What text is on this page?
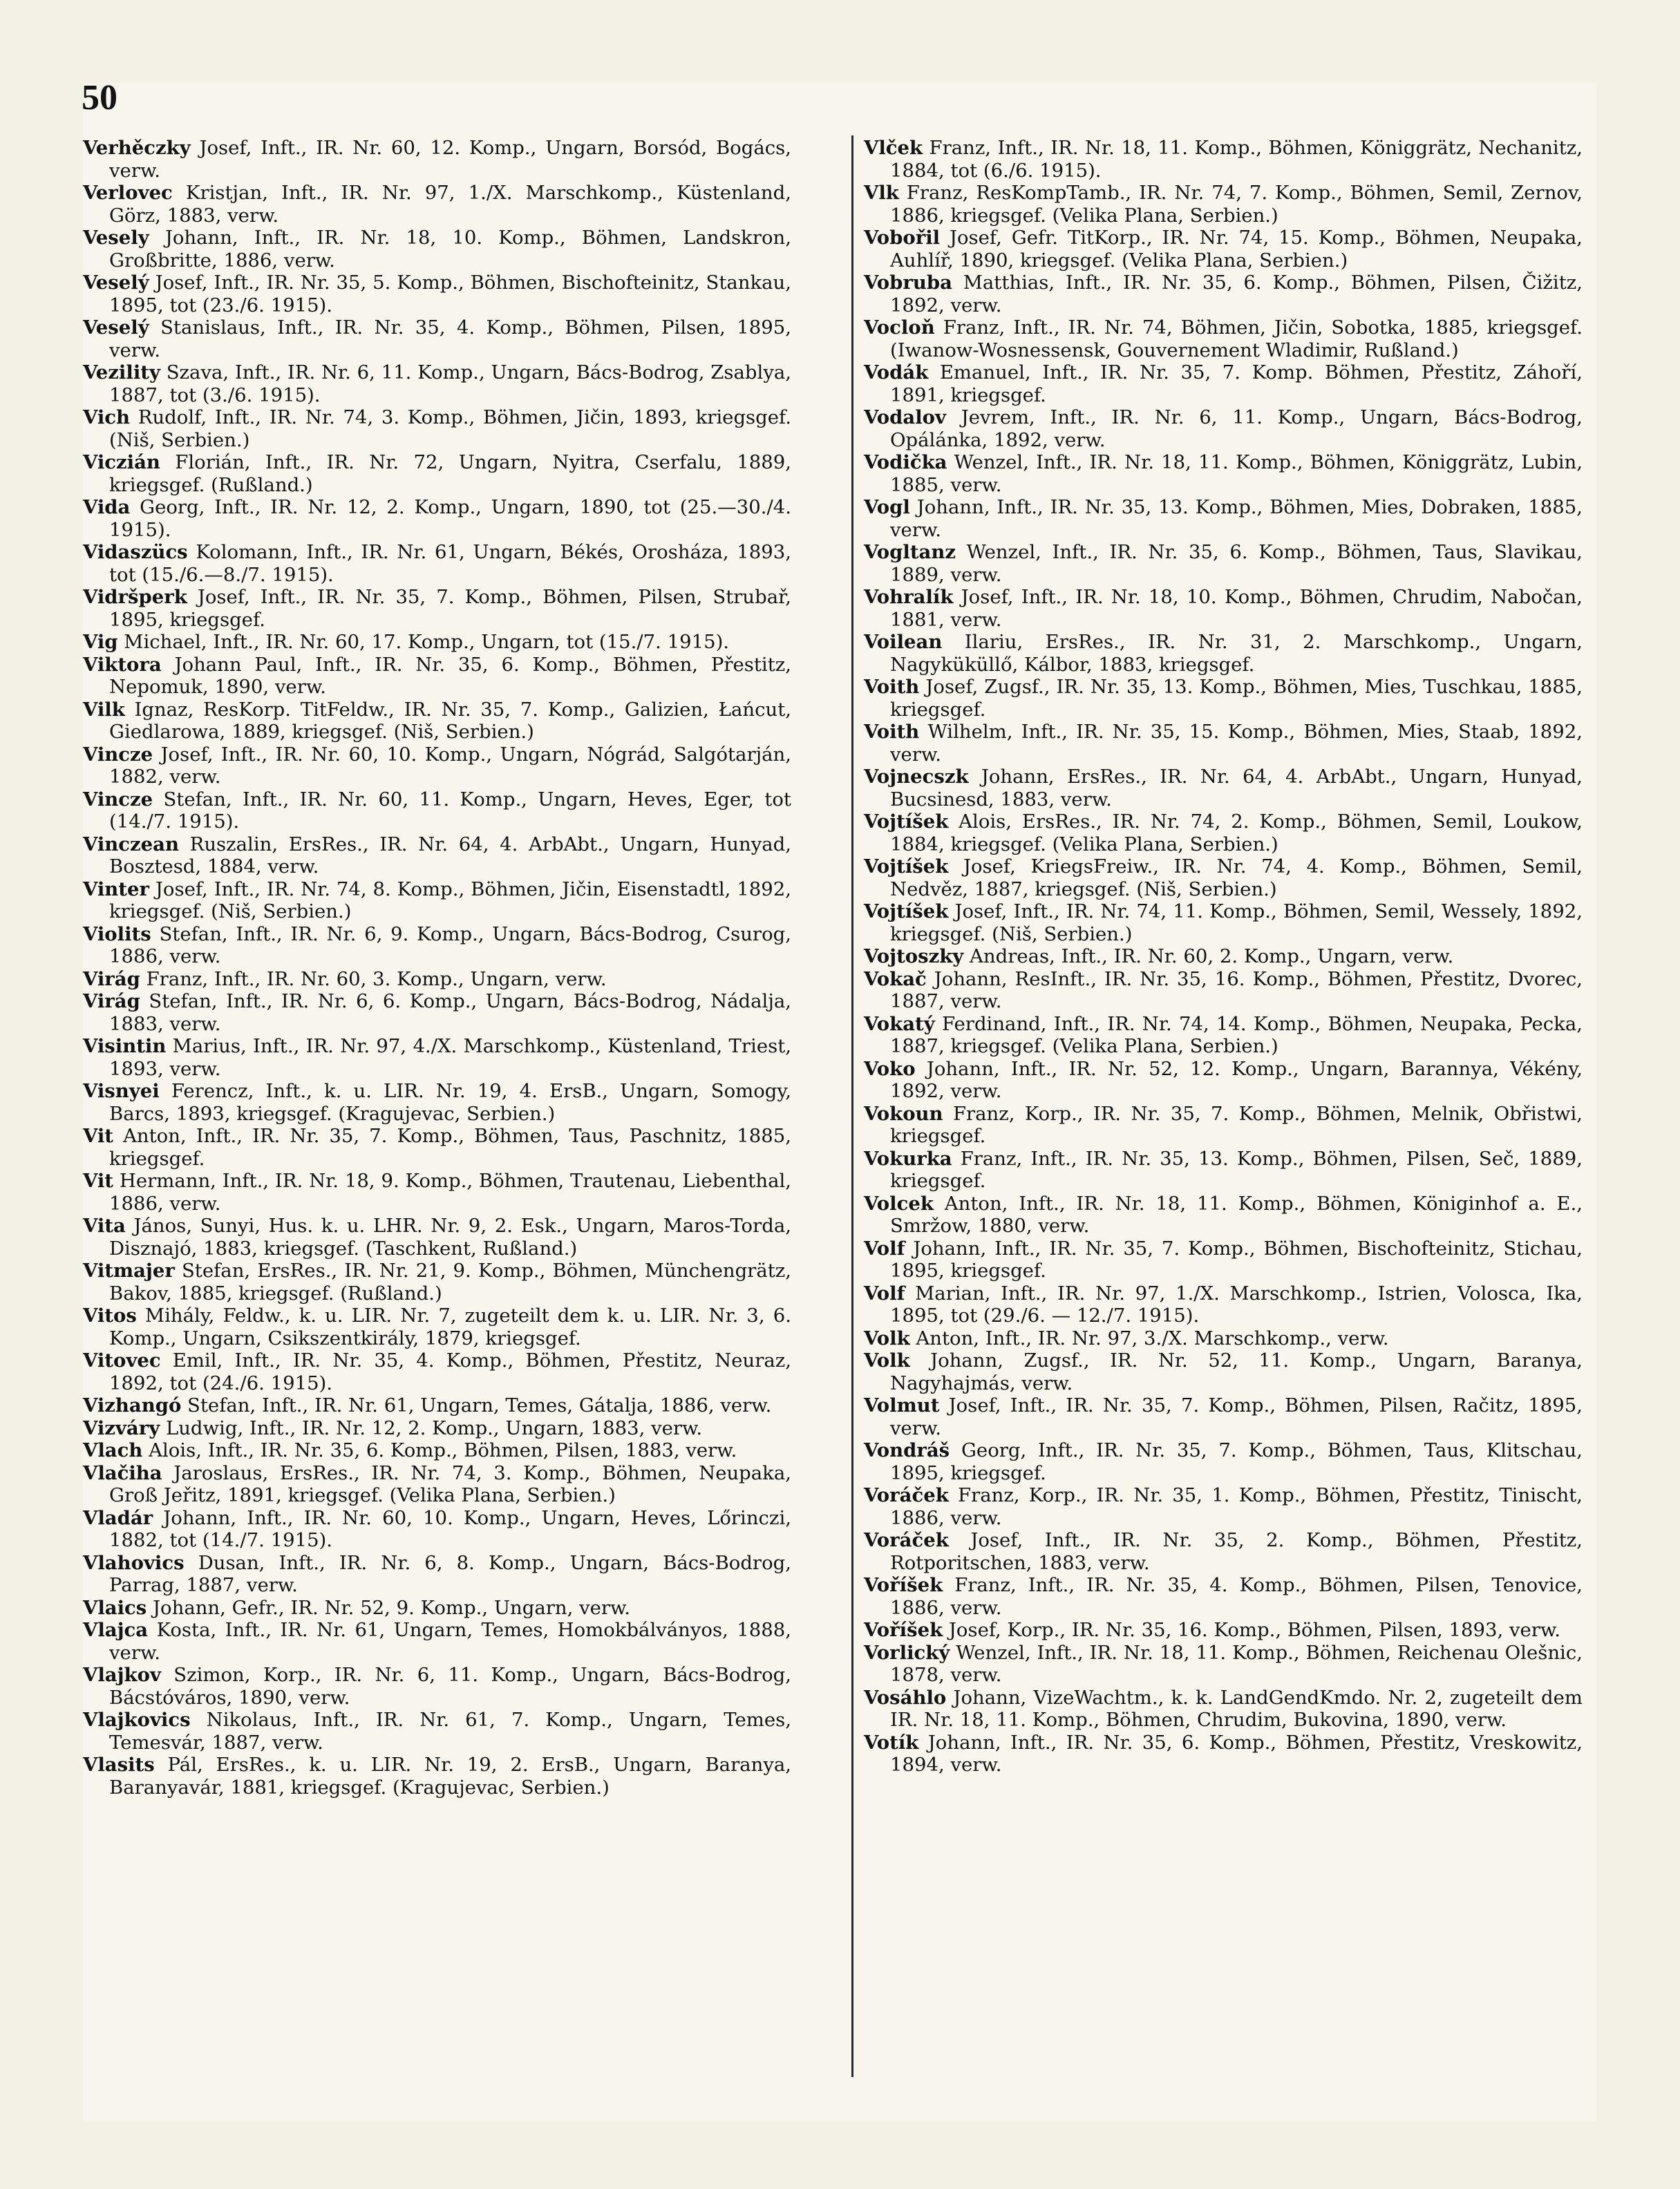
50
Verhěczky Josef, Inft., IR. Nr. 60, 12. Komp., Ungarn, Borsód, Bogács, verw.
Verlovec Kristjan, Inft., IR. Nr. 97, 1./X. Marschkomp., Küstenland, Görz, 1883, verw.
Vesely Johann, Inft., IR. Nr. 18, 10. Komp., Böhmen, Landskron, Großbritte, 1886, verw.
Veselý Josef, Inft., IR. Nr. 35, 5. Komp., Böhmen, Bischofteinitz, Stankau, 1895, tot (23./6. 1915).
Veselý Stanislaus, Inft., IR. Nr. 35, 4. Komp., Böhmen, Pilsen, 1895, verw.
Vezility Szava, Inft., IR. Nr. 6, 11. Komp., Ungarn, Bács-Bodrog, Zsablya, 1887, tot (3./6. 1915).
Vich Rudolf, Inft., IR. Nr. 74, 3. Komp., Böhmen, Jičin, 1893, kriegsgef. (Niš, Serbien.)
Viczián Florián, Inft., IR. Nr. 72, Ungarn, Nyitra, Cserfalu, 1889, kriegsgef. (Rußland.)
Vida Georg, Inft., IR. Nr. 12, 2. Komp., Ungarn, 1890, tot (25.—30./4. 1915).
Vidaszücs Kolomann, Inft., IR. Nr. 61, Ungarn, Békés, Orosháza, 1893, tot (15./6.—8./7. 1915).
Vidršperk Josef, Inft., IR. Nr. 35, 7. Komp., Böhmen, Pilsen, Strubař, 1895, kriegsgef.
Vig Michael, Inft., IR. Nr. 60, 17. Komp., Ungarn, tot (15./7. 1915).
Viktora Johann Paul, Inft., IR. Nr. 35, 6. Komp., Böhmen, Přestitz, Nepomuk, 1890, verw.
Vilk Ignaz, ResKorp. TitFeldw., IR. Nr. 35, 7. Komp., Galizien, Łańcut, Giedlarowa, 1889, kriegsgef. (Niš, Serbien.)
Vincze Josef, Inft., IR. Nr. 60, 10. Komp., Ungarn, Nógrád, Salgótarján, 1882, verw.
Vincze Stefan, Inft., IR. Nr. 60, 11. Komp., Ungarn, Heves, Eger, tot (14./7. 1915).
Vinczean Ruszalin, ErsRes., IR. Nr. 64, 4. ArbAbt., Ungarn, Hunyad, Bosztesd, 1884, verw.
Vinter Josef, Inft., IR. Nr. 74, 8. Komp., Böhmen, Jičin, Eisenstadtl, 1892, kriegsgef. (Niš, Serbien.)
Violits Stefan, Inft., IR. Nr. 6, 9. Komp., Ungarn, Bács-Bodrog, Csurog, 1886, verw.
Virág Franz, Inft., IR. Nr. 60, 3. Komp., Ungarn, verw.
Virág Stefan, Inft., IR. Nr. 6, 6. Komp., Ungarn, Bács-Bodrog, Nádalja, 1883, verw.
Visintin Marius, Inft., IR. Nr. 97, 4./X. Marschkomp., Küstenland, Triest, 1893, verw.
Visnyei Ferencz, Inft., k. u. LIR. Nr. 19, 4. ErsB., Ungarn, Somogy, Barcs, 1893, kriegsgef. (Kragujevac, Serbien.)
Vit Anton, Inft., IR. Nr. 35, 7. Komp., Böhmen, Taus, Paschnitz, 1885, kriegsgef.
Vit Hermann, Inft., IR. Nr. 18, 9. Komp., Böhmen, Trautenau, Liebenthal, 1886, verw.
Vita János, Sunyi, Hus. k. u. LHR. Nr. 9, 2. Esk., Ungarn, Maros-Torda, Disznajó, 1883, kriegsgef. (Taschkent, Rußland.)
Vitmajer Stefan, ErsRes., IR. Nr. 21, 9. Komp., Böhmen, Münchengrätz, Bakov, 1885, kriegsgef. (Rußland.)
Vitos Mihály, Feldw., k. u. LIR. Nr. 7, zugeteilt dem k. u. LIR. Nr. 3, 6. Komp., Ungarn, Csikszentkirály, 1879, kriegsgef.
Vitovec Emil, Inft., IR. Nr. 35, 4. Komp., Böhmen, Přestitz, Neuraz, 1892, tot (24./6. 1915).
Vizhangó Stefan, Inft., IR. Nr. 61, Ungarn, Temes, Gátalja, 1886, verw.
Vizváry Ludwig, Inft., IR. Nr. 12, 2. Komp., Ungarn, 1883, verw.
Vlach Alois, Inft., IR. Nr. 35, 6. Komp., Böhmen, Pilsen, 1883, verw.
Vlačiha Jaroslaus, ErsRes., IR. Nr. 74, 3. Komp., Böhmen, Neupaka, Groß Jeřitz, 1891, kriegsgef. (Velika Plana, Serbien.)
Vladár Johann, Inft., IR. Nr. 60, 10. Komp., Ungarn, Heves, Lőrinczi, 1882, tot (14./7. 1915).
Vlahovics Dusan, Inft., IR. Nr. 6, 8. Komp., Ungarn, Bács-Bodrog, Parrag, 1887, verw.
Vlaics Johann, Gefr., IR. Nr. 52, 9. Komp., Ungarn, verw.
Vlajca Kosta, Inft., IR. Nr. 61, Ungarn, Temes, Homokbálványos, 1888, verw.
Vlajkov Szimon, Korp., IR. Nr. 6, 11. Komp., Ungarn, Bács-Bodrog, Bácstóváros, 1890, verw.
Vlajkovics Nikolaus, Inft., IR. Nr. 61, 7. Komp., Ungarn, Temes, Temesvár, 1887, verw.
Vlasits Pál, ErsRes., k. u. LIR. Nr. 19, 2. ErsB., Ungarn, Baranya, Baranyavár, 1881, kriegsgef. (Kragujevac, Serbien.)
Vlček Franz, Inft., IR. Nr. 18, 11. Komp., Böhmen, Königgrätz, Nechanitz, 1884, tot (6./6. 1915).
Vlk Franz, ResKompTamb., IR. Nr. 74, 7. Komp., Böhmen, Semil, Zernov, 1886, kriegsgef. (Velika Plana, Serbien.)
Vobořil Josef, Gefr. TitKorp., IR. Nr. 74, 15. Komp., Böhmen, Neupaka, Auhlíř, 1890, kriegsgef. (Velika Plana, Serbien.)
Vobruba Matthias, Inft., IR. Nr. 35, 6. Komp., Böhmen, Pilsen, Čižitz, 1892, verw.
Vocloň Franz, Inft., IR. Nr. 74, Böhmen, Jičin, Sobotka, 1885, kriegsgef. (Iwanow-Wosnessensk, Gouvernement Wladimir, Rußland.)
Vodák Emanuel, Inft., IR. Nr. 35, 7. Komp. Böhmen, Přestitz, Záhoří, 1891, kriegsgef.
Vodalov Jevrem, Inft., IR. Nr. 6, 11. Komp., Ungarn, Bács-Bodrog, Opálánka, 1892, verw.
Vodička Wenzel, Inft., IR. Nr. 18, 11. Komp., Böhmen, Königgrätz, Lubin, 1885, verw.
Vogl Johann, Inft., IR. Nr. 35, 13. Komp., Böhmen, Mies, Dobraken, 1885, verw.
Vogltanz Wenzel, Inft., IR. Nr. 35, 6. Komp., Böhmen, Taus, Slavikau, 1889, verw.
Vohralík Josef, Inft., IR. Nr. 18, 10. Komp., Böhmen, Chrudim, Nabočan, 1881, verw.
Voilean Ilariu, ErsRes., IR. Nr. 31, 2. Marschkomp., Ungarn, Nagyküküllő, Kálbor, 1883, kriegsgef.
Voith Josef, Zugsf., IR. Nr. 35, 13. Komp., Böhmen, Mies, Tuschkau, 1885, kriegsgef.
Voith Wilhelm, Inft., IR. Nr. 35, 15. Komp., Böhmen, Mies, Staab, 1892, verw.
Vojnecszk Johann, ErsRes., IR. Nr. 64, 4. ArbAbt., Ungarn, Hunyad, Bucsinesd, 1883, verw.
Vojtíšek Alois, ErsRes., IR. Nr. 74, 2. Komp., Böhmen, Semil, Loukow, 1884, kriegsgef. (Velika Plana, Serbien.)
Vojtíšek Josef, KriegsFreiw., IR. Nr. 74, 4. Komp., Böhmen, Semil, Nedvěz, 1887, kriegsgef. (Niš, Serbien.)
Vojtíšek Josef, Inft., IR. Nr. 74, 11. Komp., Böhmen, Semil, Wessely, 1892, kriegsgef. (Niš, Serbien.)
Vojtoszky Andreas, Inft., IR. Nr. 60, 2. Komp., Ungarn, verw.
Vokač Johann, ResInft., IR. Nr. 35, 16. Komp., Böhmen, Přestitz, Dvorec, 1887, verw.
Vokatý Ferdinand, Inft., IR. Nr. 74, 14. Komp., Böhmen, Neupaka, Pecka, 1887, kriegsgef. (Velika Plana, Serbien.)
Voko Johann, Inft., IR. Nr. 52, 12. Komp., Ungarn, Barannya, Vékény, 1892, verw.
Vokoun Franz, Korp., IR. Nr. 35, 7. Komp., Böhmen, Melnik, Obřistwi, kriegsgef.
Vokurka Franz, Inft., IR. Nr. 35, 13. Komp., Böhmen, Pilsen, Seč, 1889, kriegsgef.
Volcek Anton, Inft., IR. Nr. 18, 11. Komp., Böhmen, Königinhof a. E., Smržow, 1880, verw.
Volf Johann, Inft., IR. Nr. 35, 7. Komp., Böhmen, Bischofteinitz, Stichau, 1895, kriegsgef.
Volf Marian, Inft., IR. Nr. 97, 1./X. Marschkomp., Istrien, Volosca, Ika, 1895, tot (29./6. — 12./7. 1915).
Volk Anton, Inft., IR. Nr. 97, 3./X. Marschkomp., verw.
Volk Johann, Zugsf., IR. Nr. 52, 11. Komp., Ungarn, Baranya, Nagyhajmás, verw.
Volmut Josef, Inft., IR. Nr. 35, 7. Komp., Böhmen, Pilsen, Račitz, 1895, verw.
Vondráš Georg, Inft., IR. Nr. 35, 7. Komp., Böhmen, Taus, Klitschau, 1895, kriegsgef.
Voráček Franz, Korp., IR. Nr. 35, 1. Komp., Böhmen, Přestitz, Tinischt, 1886, verw.
Voráček Josef, Inft., IR. Nr. 35, 2. Komp., Böhmen, Přestitz, Rotporitschen, 1883, verw.
Voříšek Franz, Inft., IR. Nr. 35, 4. Komp., Böhmen, Pilsen, Tenovice, 1886, verw.
Voříšek Josef, Korp., IR. Nr. 35, 16. Komp., Böhmen, Pilsen, 1893, verw.
Vorlický Wenzel, Inft., IR. Nr. 18, 11. Komp., Böhmen, Reichenau Olešnic, 1878, verw.
Vosáhlo Johann, VizeWachtm., k. k. LandGendKmdo. Nr. 2, zugeteilt dem IR. Nr. 18, 11. Komp., Böhmen, Chrudim, Bukovina, 1890, verw.
Votík Johann, Inft., IR. Nr. 35, 6. Komp., Böhmen, Přestitz, Vreskowitz, 1894, verw.
